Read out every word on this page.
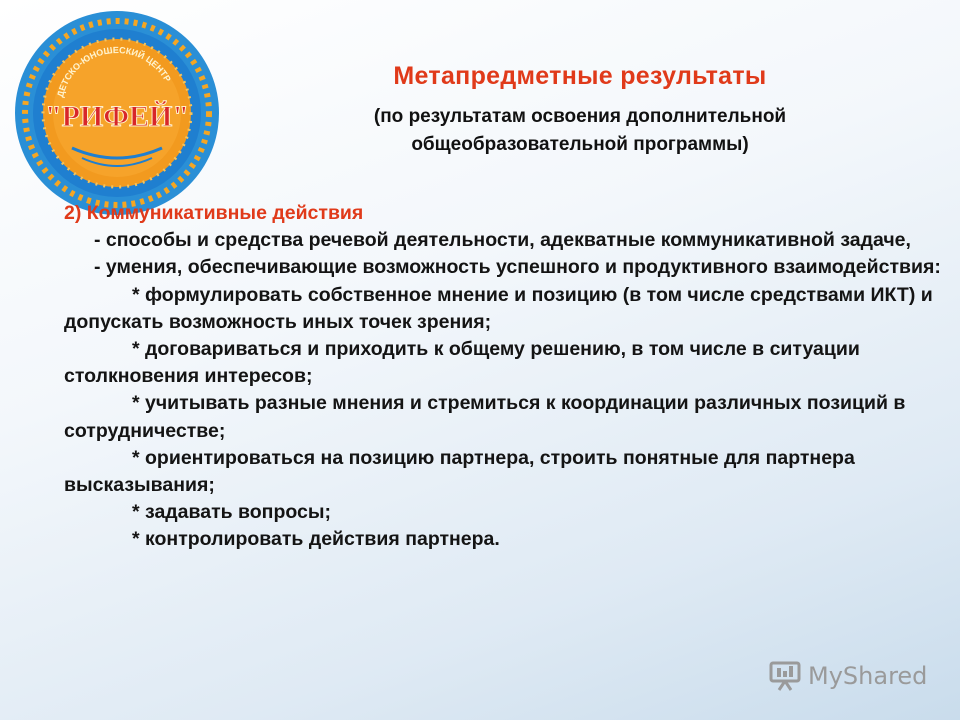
ДЕТСКО-ЮНОШЕСКИЙ ЦЕНТР
"РИФЕЙ"
Метапредметные результаты
(по результатам освоения дополнительной
общеобразовательной программы)
2) Коммуникативные действия
- способы и средства речевой деятельности, адекватные коммуникативной задаче,
- умения, обеспечивающие возможность успешного и продуктивного взаимодействия:
* формулировать собственное мнение и позицию (в том числе средствами ИКТ) и допускать возможность иных точек зрения;
* договариваться и приходить к общему решению, в том числе в ситуации столкновения интересов;
* учитывать разные мнения и стремиться к координации различных позиций в сотрудничестве;
* ориентироваться на позицию партнера, строить понятные для партнера высказывания;
* задавать вопросы;
* контролировать действия партнера.
MyShared
